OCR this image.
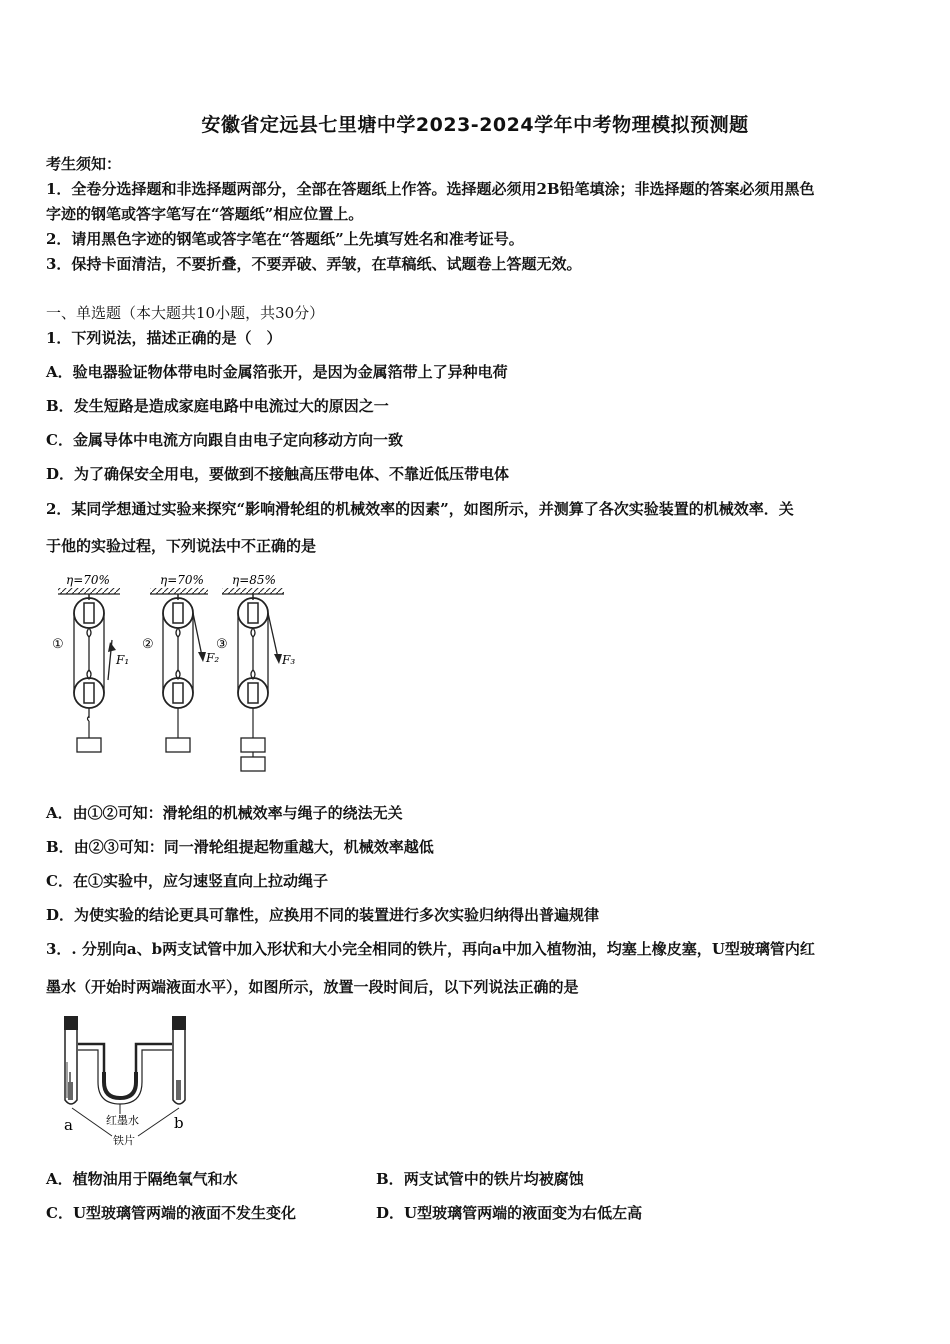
安徽省定远县七里塘中学2023-2024学年中考物理模拟预测题
考生须知：
1．全卷分选择题和非选择题两部分，全部在答题纸上作答。选择题必须用2B铅笔填涂；非选择题的答案必须用黑色
字迹的钢笔或答字笔写在“答题纸”相应位置上。
2．请用黑色字迹的钢笔或答字笔在“答题纸”上先填写姓名和准考证号。
3．保持卡面清洁，不要折叠，不要弄破、弄皱，在草稿纸、试题卷上答题无效。
一、单选题（本大题共10小题，共30分）
1．下列说法，描述正确的是（　）
A．验电器验证物体带电时金属箔张开，是因为金属箔带上了异种电荷
B．发生短路是造成家庭电路中电流过大的原因之一
C．金属导体中电流方向跟自由电子定向移动方向一致
D．为了确保安全用电，要做到不接触高压带电体、不靠近低压带电体
2．某同学想通过实验来探究“影响滑轮组的机械效率的因素”，如图所示，并测算了各次实验装置的机械效率．关
于他的实验过程，下列说法中不正确的是
η=70%
F₁
①
η=70%
F₂
②
η=85%
F₃
③
A．由①②可知：滑轮组的机械效率与绳子的绕法无关
B．由②③可知：同一滑轮组提起物重越大，机械效率越低
C．在①实验中，应匀速竖直向上拉动绳子
D．为使实验的结论更具可靠性，应换用不同的装置进行多次实验归纳得出普遍规律
3．. 分别向a、b两支试管中加入形状和大小完全相同的铁片，再向a中加入植物油，均塞上橡皮塞，U型玻璃管内红
墨水（开始时两端液面水平），如图所示，放置一段时间后，以下列说法正确的是
红墨水
铁片
a	b
A．植物油用于隔绝氧气和水	B．两支试管中的铁片均被腐蚀
C．U型玻璃管两端的液面不发生变化	D．U型玻璃管两端的液面变为右低左高
